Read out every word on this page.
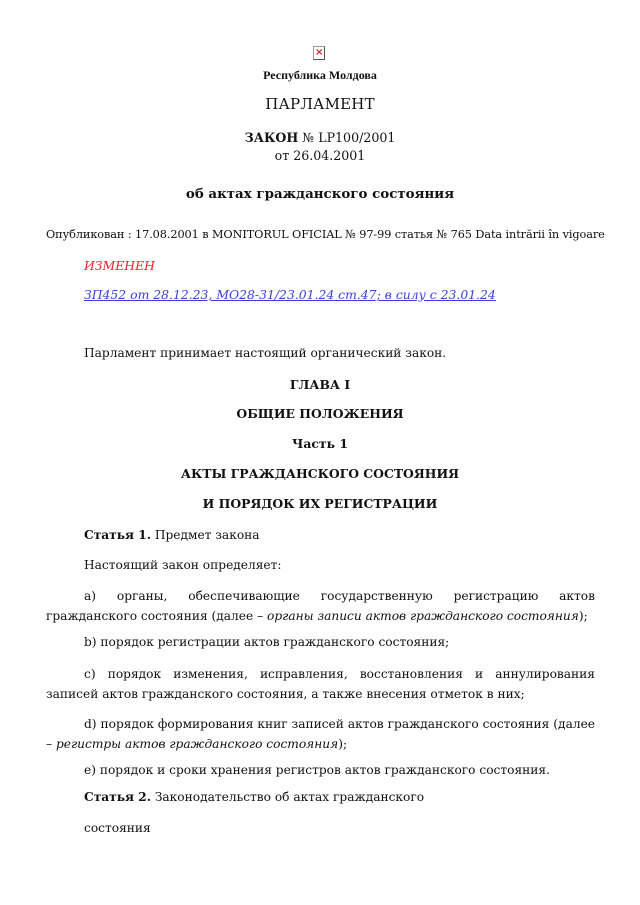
×
Республика Молдова
ПАРЛАМЕНТ
ЗАКОН № LP100/2001
от 26.04.2001
об актах гражданского состояния
Опубликован : 17.08.2001 в MONITORUL OFICIAL № 97-99 статья № 765 Data intrării în vigoare
ИЗМЕНЕН
ЗП452 от 28.12.23, MO28-31/23.01.24 ст.47; в силу с 23.01.24
Парламент принимает настоящий органический закон.
ГЛАВА I
ОБЩИЕ ПОЛОЖЕНИЯ
Часть 1
АКТЫ ГРАЖДАНСКОГО СОСТОЯНИЯ
И ПОРЯДОК ИХ РЕГИСТРАЦИИ
Статья 1. Предмет закона
Настоящий закон определяет:
a) органы, обеспечивающие государственную регистрацию актов гражданского состояния (далее – органы записи актов гражданского состояния);
b) порядок регистрации актов гражданского состояния;
c) порядок изменения, исправления, восстановления и аннулирования записей актов гражданского состояния, а также внесения отметок в них;
d) порядок формирования книг записей актов гражданского состояния (далее – регистры актов гражданского состояния);
e) порядок и сроки хранения регистров актов гражданского состояния.
Статья 2. Законодательство об актах гражданского
состояния
